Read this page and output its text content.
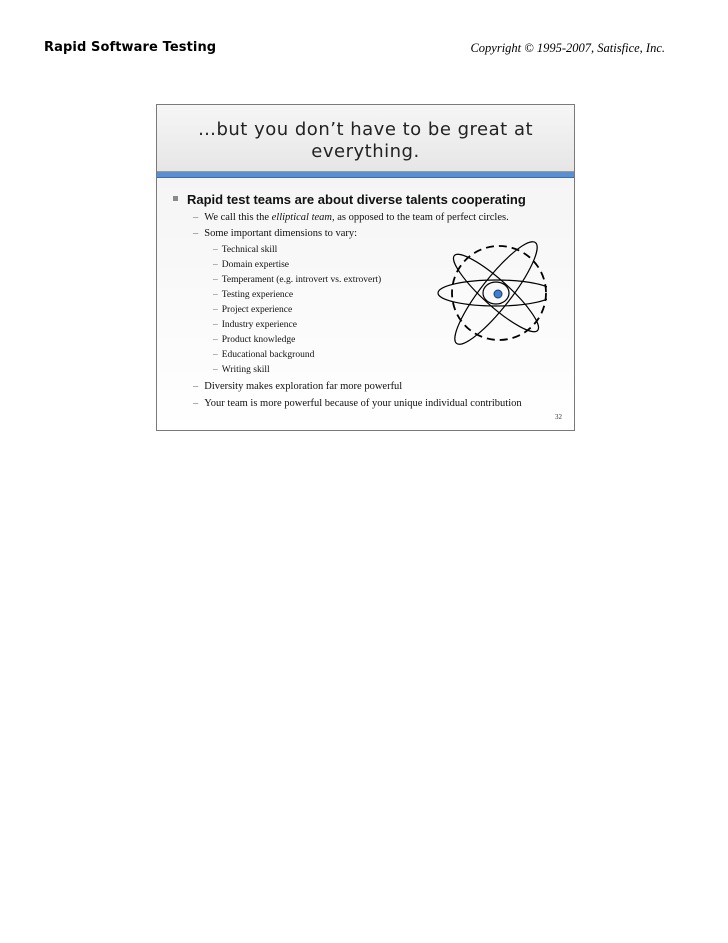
Rapid Software Testing	Copyright © 1995-2007, Satisfice, Inc.
…but you don’t have to be great at
everything.
Rapid test teams are about diverse talents cooperating
– We call this the elliptical team, as opposed to the team of perfect circles.
– Some important dimensions to vary:
– Technical skill
– Domain expertise
– Temperament (e.g. introvert vs. extrovert)
– Testing experience
– Project experience
– Industry experience
– Product knowledge
– Educational background
– Writing skill
– Diversity makes exploration far more powerful
– Your team is more powerful because of your unique individual contribution
32
